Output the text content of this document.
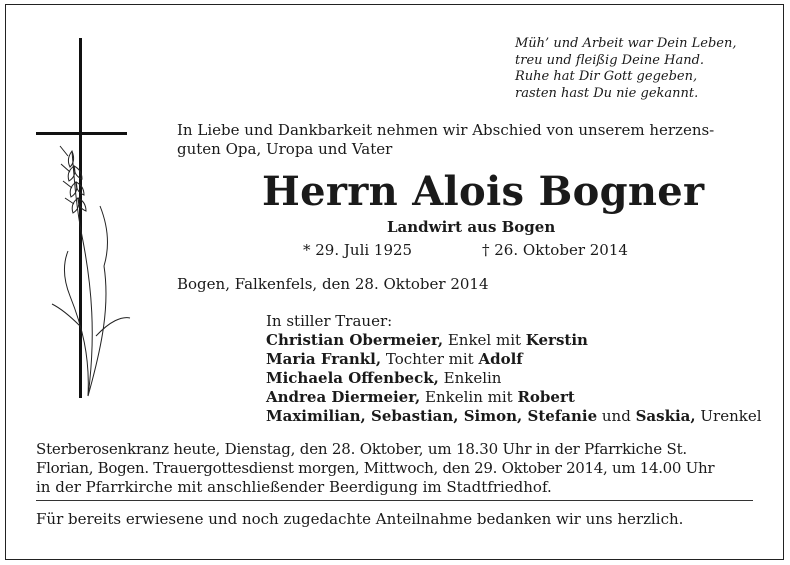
Müh’ und Arbeit war Dein Leben,
treu und fleißig Deine Hand.
Ruhe hat Dir Gott gegeben,
rasten hast Du nie gekannt.
In Liebe und Dankbarkeit nehmen wir Abschied von unserem herzens-
guten Opa, Uropa und Vater
Herrn Alois Bogner
Landwirt aus Bogen
* 29. Juli 1925	† 26. Oktober 2014
Bogen, Falkenfels, den 28. Oktober 2014
In stiller Trauer:
Christian Obermeier, Enkel mit Kerstin
Maria Frankl, Tochter mit Adolf
Michaela Offenbeck, Enkelin
Andrea Diermeier, Enkelin mit Robert
Maximilian, Sebastian, Simon, Stefanie und Saskia, Urenkel
Sterberosenkranz heute, Dienstag, den 28. Oktober, um 18.30 Uhr in der Pfarrkiche St.
Florian, Bogen. Trauergottesdienst morgen, Mittwoch, den 29. Oktober 2014, um 14.00 Uhr
in der Pfarrkirche mit anschließender Beerdigung im Stadtfriedhof.
Für bereits erwiesene und noch zugedachte Anteilnahme bedanken wir uns herzlich.
